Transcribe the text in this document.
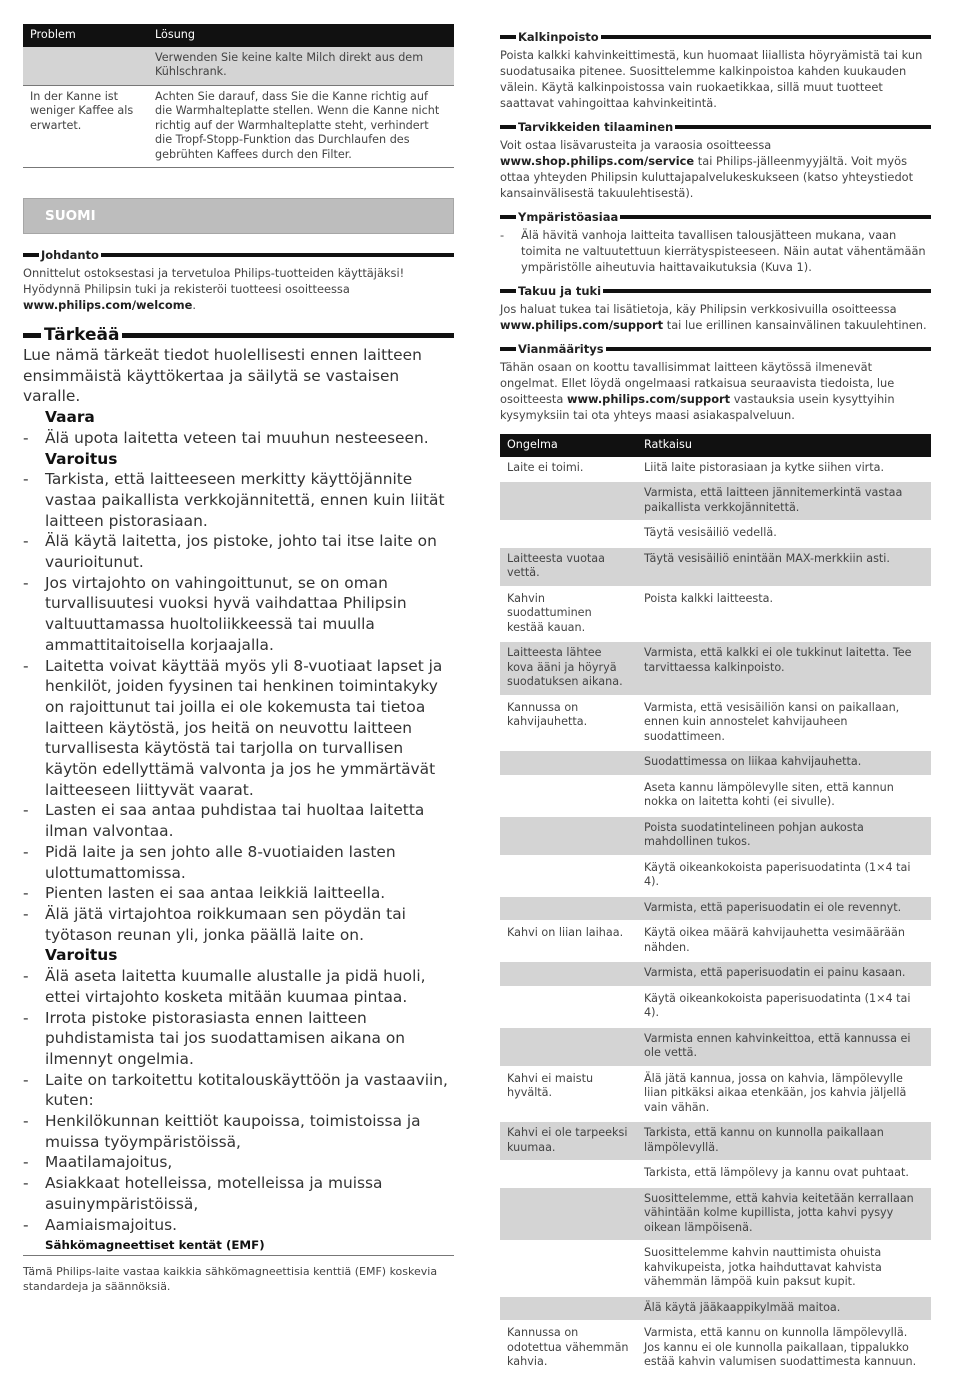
Problem	Lösung
	Verwenden Sie keine kalte Milch direkt aus dem Kühlschrank.
In der Kanne ist weniger Kaffee als erwartet.	Achten Sie darauf, dass Sie die Kanne richtig auf die Warmhalteplatte stellen. Wenn die Kanne nicht richtig auf der Warmhalteplatte steht, verhindert die Tropf-Stopp-Funktion das Durchlaufen des gebrühten Kaffees durch den Filter.
SUOMI
Johdanto

Onnittelut ostoksestasi ja tervetuloa Philips-tuotteiden käyttäjäksi! Hyödynnä Philipsin tuki ja rekisteröi tuotteesi osoitteessa www.philips.com/welcome.

Tärkeää

Lue nämä tärkeät tiedot huolellisesti ennen laitteen ensimmäistä käyttökertaa ja säilytä se vastaisen varalle.

Vaara
- Älä upota laitetta veteen tai muuhun nesteeseen.
Varoitus
- Tarkista, että laitteeseen merkitty käyttöjännite vastaa paikallista verkkojännitettä, ennen kuin liität laitteen pistorasiaan.
- Älä käytä laitetta, jos pistoke, johto tai itse laite on vaurioitunut.
- Jos virtajohto on vahingoittunut, se on oman turvallisuutesi vuoksi hyvä vaihdattaa Philipsin valtuuttamassa huoltoliikkeessä tai muulla ammattitaitoisella korjaajalla.
- Laitetta voivat käyttää myös yli 8-vuotiaat lapset ja henkilöt, joiden fyysinen tai henkinen toimintakyky on rajoittunut tai joilla ei ole kokemusta tai tietoa laitteen käytöstä, jos heitä on neuvottu laitteen turvallisesta käytöstä tai tarjolla on turvallisen käytön edellyttämä valvonta ja jos he ymmärtävät laitteeseen liittyvät vaarat.
- Lasten ei saa antaa puhdistaa tai huoltaa laitetta ilman valvontaa.
- Pidä laite ja sen johto alle 8-vuotiaiden lasten ulottumattomissa.
- Pienten lasten ei saa antaa leikkiä laitteella.
- Älä jätä virtajohtoa roikkumaan sen pöydän tai työtason reunan yli, jonka päällä laite on.
Varoitus
- Älä aseta laitetta kuumalle alustalle ja pidä huoli, ettei virtajohto kosketa mitään kuumaa pintaa.
- Irrota pistoke pistorasiasta ennen laitteen puhdistamista tai jos suodattamisen aikana on ilmennyt ongelmia.
- Laite on tarkoitettu kotitalouskäyttöön ja vastaaviin, kuten:
- Henkilökunnan keittiöt kaupoissa, toimistoissa ja muissa työympäristöissä,
- Maatilamajoitus,
- Asiakkaat hotelleissa, motelleissa ja muissa asuinympäristöissä,
- Aamiaismajoitus.
Sähkömagneettiset kentät (EMF)

Tämä Philips-laite vastaa kaikkia sähkömagneettisia kenttiä (EMF) koskevia standardeja ja säännöksiä.

Kalkinpoisto

Poista kalkki kahvinkeittimestä, kun huomaat liiallista höyryämistä tai kun suodatusaika pitenee. Suosittelemme kalkinpoistoa kahden kuukauden välein. Käytä kalkinpoistossa vain ruokaetikkaa, sillä muut tuotteet saattavat vahingoittaa kahvinkeitintä.

Tarvikkeiden tilaaminen

Voit ostaa lisävarusteita ja varaosia osoitteessa www.shop.philips.com/service tai Philips-jälleenmyyjältä. Voit myös ottaa yhteyden Philipsin kuluttajapalvelukeskukseen (katso yhteystiedot kansainvälisestä takuulehtisestä).

Ympäristöasiaa
- Älä hävitä vanhoja laitteita tavallisen talousjätteen mukana, vaan toimita ne valtuutettuun kierrätyspisteeseen. Näin autat vähentämään ympäristölle aiheutuvia haittavaikutuksia (Kuva 1).
Takuu ja tuki

Jos haluat tukea tai lisätietoja, käy Philipsin verkkosivuilla osoitteessa www.philips.com/support tai lue erillinen kansainvälinen takuulehtinen.

Vianmääritys

Tähän osaan on koottu tavallisimmat laitteen käytössä ilmenevät ongelmat. Ellet löydä ongelmaasi ratkaisua seuraavista tiedoista, lue osoitteesta www.philips.com/support vastauksia usein kysyttyihin kysymyksiin tai ota yhteys maasi asiakaspalveluun.

Ongelma	Ratkaisu
Laite ei toimi.	Liitä laite pistorasiaan ja kytke siihen virta.
	Varmista, että laitteen jännitemerkintä vastaa paikallista verkkojännitettä.
	Täytä vesisäiliö vedellä.
Laitteesta vuotaa vettä.	Täytä vesisäiliö enintään MAX-merkkiin asti.
Kahvin suodattuminen kestää kauan.	Poista kalkki laitteesta.
Laitteesta lähtee kova ääni ja höyryä suodatuksen aikana.	Varmista, että kalkki ei ole tukkinut laitetta. Tee tarvittaessa kalkinpoisto.
Kannussa on kahvijauhetta.	Varmista, että vesisäiliön kansi on paikallaan, ennen kuin annostelet kahvijauheen suodattimeen.
	Suodattimessa on liikaa kahvijauhetta.
	Aseta kannu lämpölevylle siten, että kannun nokka on laitetta kohti (ei sivulle).
	Poista suodatintelineen pohjan aukosta mahdollinen tukos.
	Käytä oikeankokoista paperisuodatinta (1×4 tai 4).
	Varmista, että paperisuodatin ei ole revennyt.
Kahvi on liian laihaa.	Käytä oikea määrä kahvijauhetta vesimäärään nähden.
	Varmista, että paperisuodatin ei painu kasaan.
	Käytä oikeankokoista paperisuodatinta (1×4 tai 4).
	Varmista ennen kahvinkeittoa, että kannussa ei ole vettä.
Kahvi ei maistu hyvältä.	Älä jätä kannua, jossa on kahvia, lämpölevylle liian pitkäksi aikaa etenkään, jos kahvia jäljellä vain vähän.
Kahvi ei ole tarpeeksi kuumaa.	Tarkista, että kannu on kunnolla paikallaan lämpölevyllä.
	Tarkista, että lämpölevy ja kannu ovat puhtaat.
	Suosittelemme, että kahvia keitetään kerrallaan vähintään kolme kupillista, jotta kahvi pysyy oikean lämpöisenä.
	Suosittelemme kahvin nauttimista ohuista kahvikupeista, jotka haihduttavat kahvista vähemmän lämpöä kuin paksut kupit.
	Älä käytä jääkaappikylmää maitoa.
Kannussa on odotettua vähemmän kahvia.	Varmista, että kannu on kunnolla lämpölevyllä. Jos kannu ei ole kunnolla paikallaan, tippalukko estää kahvin valumisen suodattimesta kannuun.
